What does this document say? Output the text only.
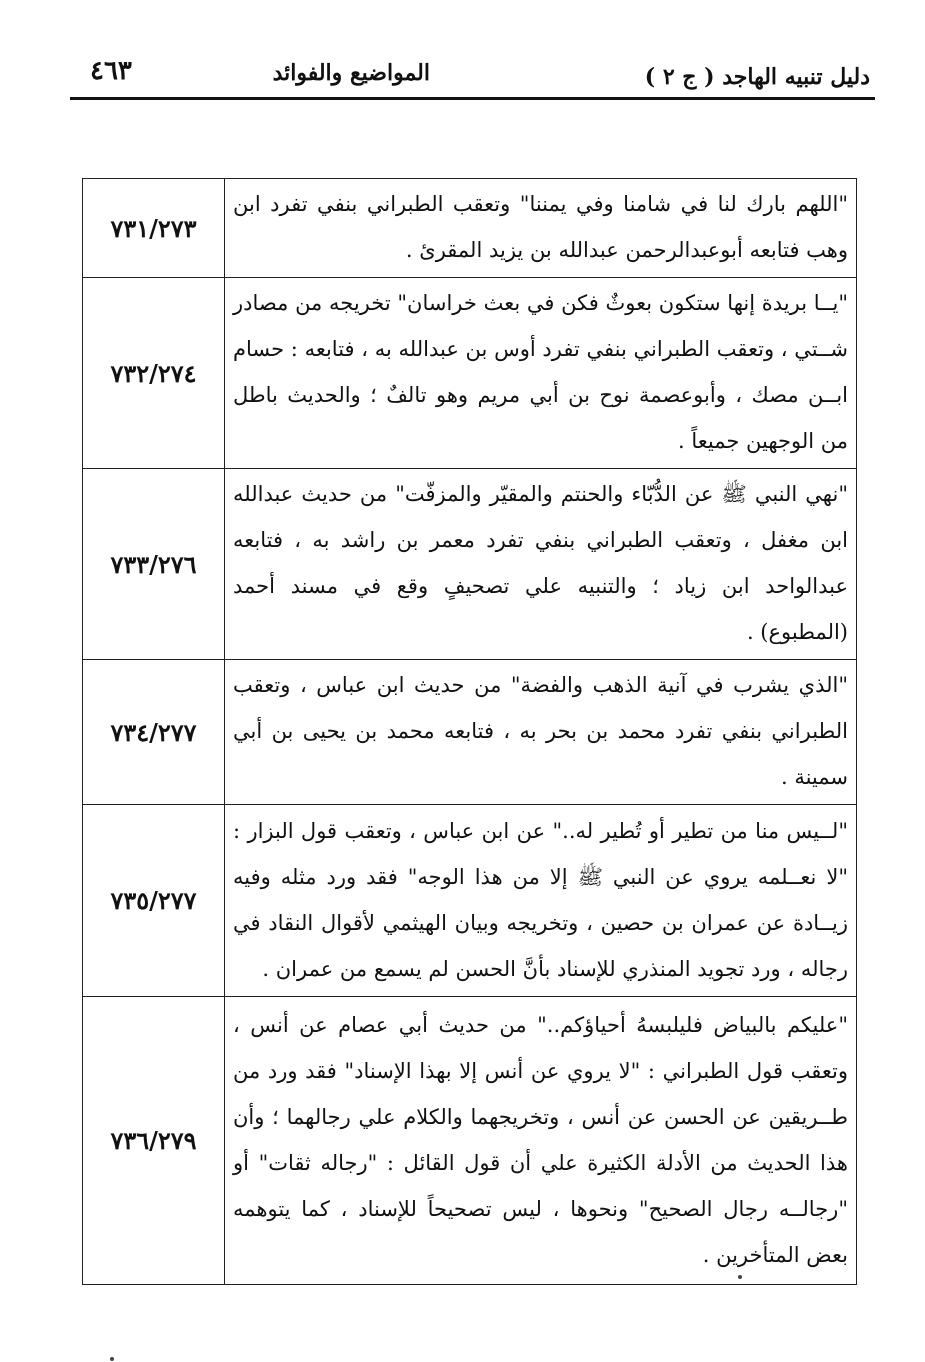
دليل تنبيه الهاجد ( ج ٢ )
المواضيع والفوائد
٤٦٣
"اللهم بارك لنا في شامنا وفي يمننا" وتعقب الطبراني بنفي تفرد ابن وهب فتابعه أبوعبدالرحمن عبدالله بن يزيد المقرئ .	٧٣١/٢٧٣
"يــا بريدة إنها ستكون بعوثٌ فكن في بعث خراسان" تخريجه من مصادر شــتي ، وتعقب الطبراني بنفي تفرد أوس بن عبدالله به ، فتابعه : حسام ابــن مصك ، وأبوعصمة نوح بن أبي مريم وهو تالفٌ ؛ والحديث باطل من الوجهين جميعاً .	٧٣٢/٢٧٤
"نهي النبي ﷺ عن الدُّبّاء والحنتم والمقيّر والمزفّت" من حديث عبدالله ابن مغفل ، وتعقب الطبراني بنفي تفرد معمر بن راشد به ، فتابعه عبدالواحد ابن زياد ؛ والتنبيه علي تصحيفٍ وقع في مسند أحمد (المطبوع) .	٧٣٣/٢٧٦
"الذي يشرب في آنية الذهب والفضة" من حديث ابن عباس ، وتعقب الطبراني بنفي تفرد محمد بن بحر به ، فتابعه محمد بن يحيى بن أبي سمينة .	٧٣٤/٢٧٧
"لــيس منا من تطير أو تُطير له.." عن ابن عباس ، وتعقب قول البزار : "لا نعــلمه يروي عن النبي ﷺ إلا من هذا الوجه" فقد ورد مثله وفيه زيــادة عن عمران بن حصين ، وتخريجه وبيان الهيثمي لأقوال النقاد في رجاله ، ورد تجويد المنذري للإسناد بأنَّ الحسن لم يسمع من عمران .	٧٣٥/٢٧٧
"عليكم بالبياض فليلبسهُ أحياؤكم.." من حديث أبي عصام عن أنس ، وتعقب قول الطبراني : "لا يروي عن أنس إلا بهذا الإسناد" فقد ورد من طــريقين عن الحسن عن أنس ، وتخريجهما والكلام علي رجالهما ؛ وأن هذا الحديث من الأدلة الكثيرة علي أن قول القائل : "رجاله ثقات" أو "رجالــه رجال الصحيح" ونحوها ، ليس تصحيحاً للإسناد ، كما يتوهمه بعض المتأخرين .	٧٣٦/٢٧٩
